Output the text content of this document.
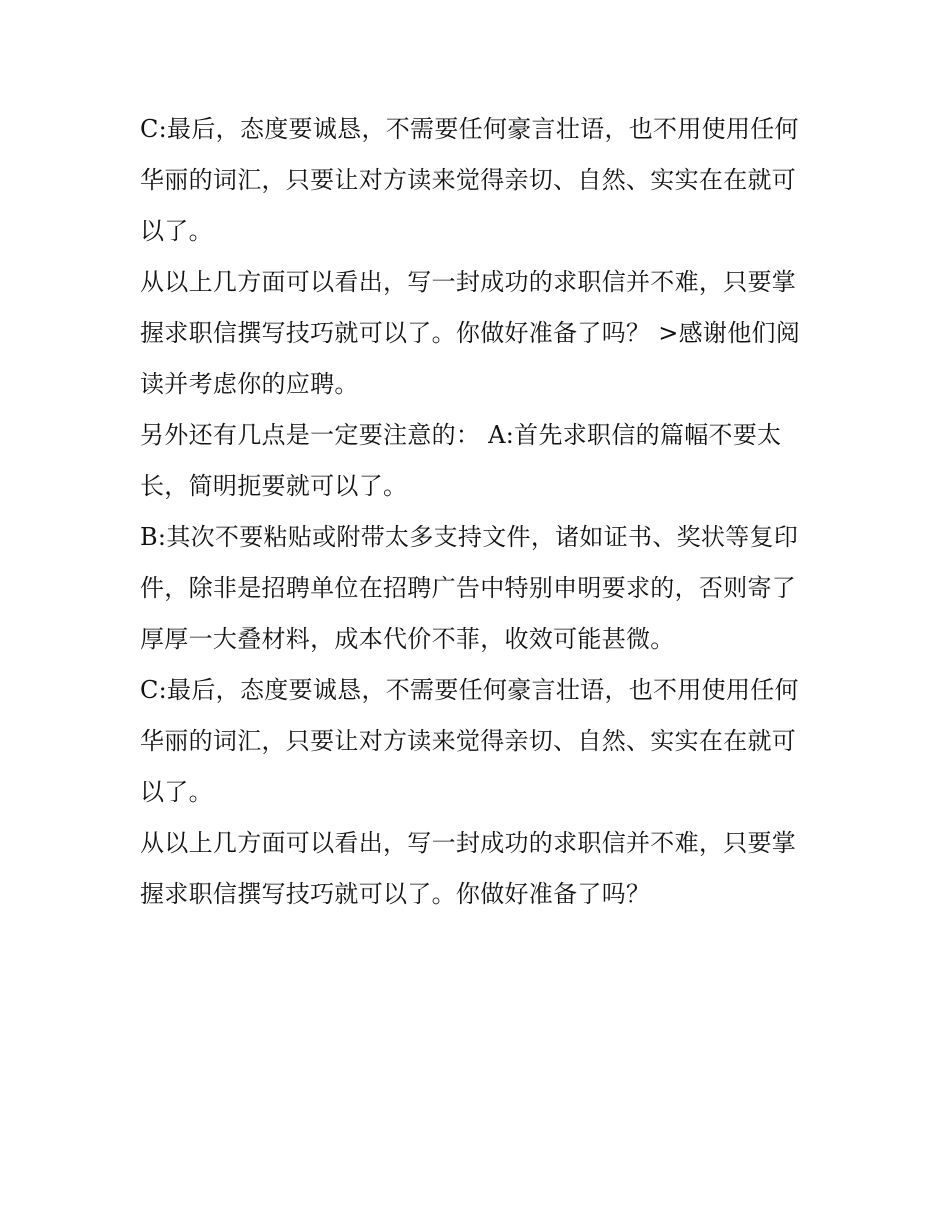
C:最后，态度要诚恳，不需要任何豪言壮语，也不用使用任何华丽的词汇，只要让对方读来觉得亲切、自然、实实在在就可以了。

从以上几方面可以看出，写一封成功的求职信并不难，只要掌握求职信撰写技巧就可以了。你做好准备了吗？ >感谢他们阅读并考虑你的应聘。

另外还有几点是一定要注意的： A:首先求职信的篇幅不要太长，简明扼要就可以了。

B:其次不要粘贴或附带太多支持文件，诸如证书、奖状等复印件，除非是招聘单位在招聘广告中特别申明要求的，否则寄了厚厚一大叠材料，成本代价不菲，收效可能甚微。

C:最后，态度要诚恳，不需要任何豪言壮语，也不用使用任何华丽的词汇，只要让对方读来觉得亲切、自然、实实在在就可以了。

从以上几方面可以看出，写一封成功的求职信并不难，只要掌握求职信撰写技巧就可以了。你做好准备了吗？
